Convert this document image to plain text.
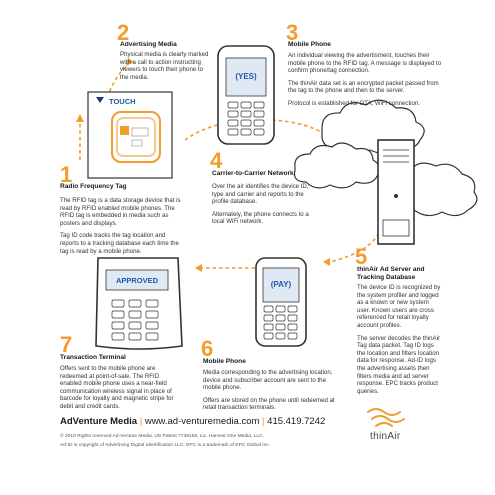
TOUCH
(YES)
(PAY)
APPROVED
1
Radio Frequency Tag

The RFID tag is a data storage device that is read by RFID enabled mobile phones. The RFID tag is embedded in media such as posters and displays.

Tag ID code tracks the tag location and reports to a tracking database each time the tag is read by a mobile phone.

2
Advertising Media

Physical media is clearly marked with a call to action instructing viewers to touch their phone to the media.

3
Mobile Phone

An individual viewing the advertisment, touches their mobile phone to the RFID tag. A message is displayed to confirm phone/tag connection.

The thinAir data set is an encrypted packet passed from the tag to the phone and then to the server.

Protocol is established for OTA, WiFi connection.

4
Carrier-to-Carrier Network

Over the air identifies the device ID, type and carrier and reports to the profile database.

Alternately, the phone connects to a local WiFi network.

5
thinAir Ad Server and Tracking Database

The device ID is recognized by the system profiler and logged as a known or new system user. Known users are cross referenced for retail loyalty account profiles.

The server decodes the thinAir Tag data packet. Tag ID logs the location and filters location data for response. Ad-ID logs the advertising assets then filters media and ad server response. EPC tracks product queries.

6
Mobile Phone

Media corresponding to the advertising location, device and subscriber account are sent to the mobile phone.

Offers are stored on the phone until redeemed at retail transaction terminals.

7
Transaction Terminal

Offers sent to the mobile phone are redeemed at point-of-sale. The RFID enabled mobile phone uses a near-field communication wireless signal in place of barcode for loyalty and magnetic stripe for debit and credit cards.

thinAir
AdVenture Media | www.ad-venturemedia.com | 415.419.7242
© 2010 Rights reserved Ad-Venture Media. US Patent 7739158, Lic. Harvest One Media, LLC.
Ad-ID is copyright of Advertising Digital Identification LLC; EPC is a trademark of EPC Global Inc.
